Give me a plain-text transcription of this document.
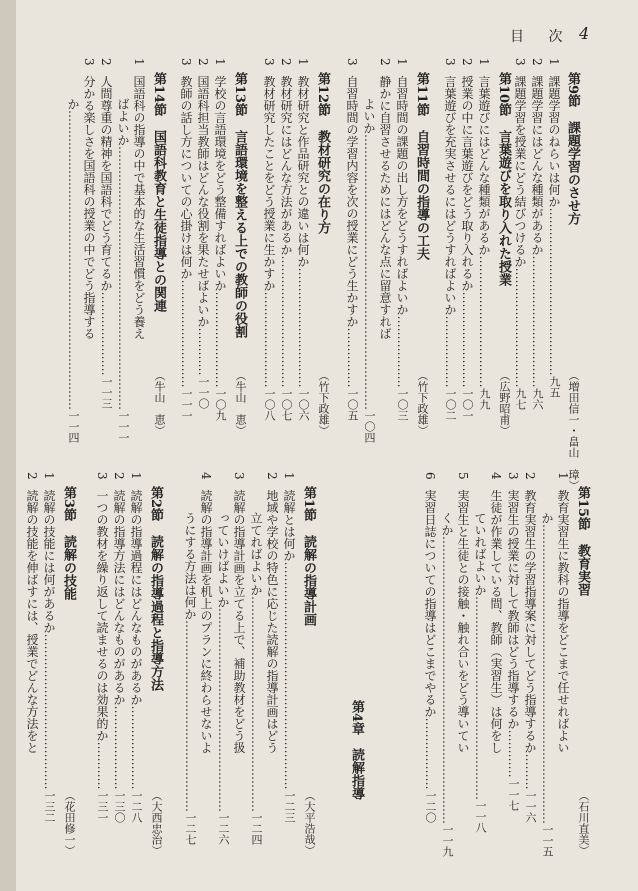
目 次 4
第9節課題学習のさせ方
（増田信一・畠山　璋）
1課題学習のねらいは何か……………………………………九五
2課題学習にはどんな種類があるか……………………………九六
3課題学習を授業にどう結びつけるか…………………………九七
第10節言葉遊びを取り入れた授業
（広野昭甫）
1言葉遊びにはどんな種類があるか……………………………九九
2授業の中に言葉遊びをどう取り入れるか……………………一〇一
3言葉遊びを充実させるにはどうすればよいか………………一〇二
第11節自習時間の指導の工夫
（竹下政雄）
1自習時間の課題の出し方をどうすればよいか………………一〇三
2静かに自習させるためにはどんな点に留意すれば
よいか……………………………………………………………一〇四
3自習時間の学習内容を次の授業にどう生かすか……………一〇五
第12節教材研究の在り方
（竹下政雄）
1教材研究と作品研究との違いは何か…………………………一〇六
2教材研究にはどんな方法があるか……………………………一〇七
3教材研究したことをどう授業に生かすか……………………一〇八
第13節言語環境を整える上での教師の役割
（牛山　恵）
1学校の言語環境をどう整備すればよいか……………………一〇九
2国語科担当教師はどんな役割を果たせばよいか…………一一〇
3教師の話し方についての心掛けは何か………………………一一一
第14節国語科教育と生徒指導との関連
（牛山　恵）
1国語科の指導の中で基本的な生活習慣をどう養え
ばよいか…………………………………………………………一一一
2人間尊重の精神を国語科でどう育てるか…………………一一三
3分かる楽しさを国語科の授業の中でどう指導する
か…………………………………………………………………一一四
第15節教育実習
（石川直美）
1教育実習生に教科の指導をどこまで任せればよい
か…………………………………………………………………一一五
2教育実習生の学習指導案に対してどう指導するか………一一六
3実習生の授業に対して教師はどう指導するか…………一一七
4生徒が作業している間、教師（実習生）は何をし
ていればよいか……………………………………………一一八
5実習生と生徒との接触・触れ合いをどう導いてい
くか………………………………………………………………一一九
6実習日誌についての指導はどこまでやるか………………一二〇
第4章　読解指導
第1節読解の指導計画
（大平浩哉）
1読解とは何か…………………………………………………一二三
2地域や学校の特色に応じた読解の指導計画はどう
立てればよいか………………………………………………一二四
3読解の指導計画を立てる上で、補助教材をどう扱
っていけばよいか……………………………………………一二六
4読解の指導計画を机上のプランに終わらせないよ
うにする方法は何か…………………………………………一二七
第2節読解の指導過程と指導方法
（大西忠治）
1読解の指導過程にはどんなものがあるか…………………一二八
2読解の指導方法にはどんなものがあるか…………………一三〇
3一つの教材を繰り返して読ませるのは効果的か…………一三一
第3節読解の技能
（花田修一）
1読解の技能には何があるか…………………………………一三二
2読解の技能を伸ばすには、授業でどんな方法をと
